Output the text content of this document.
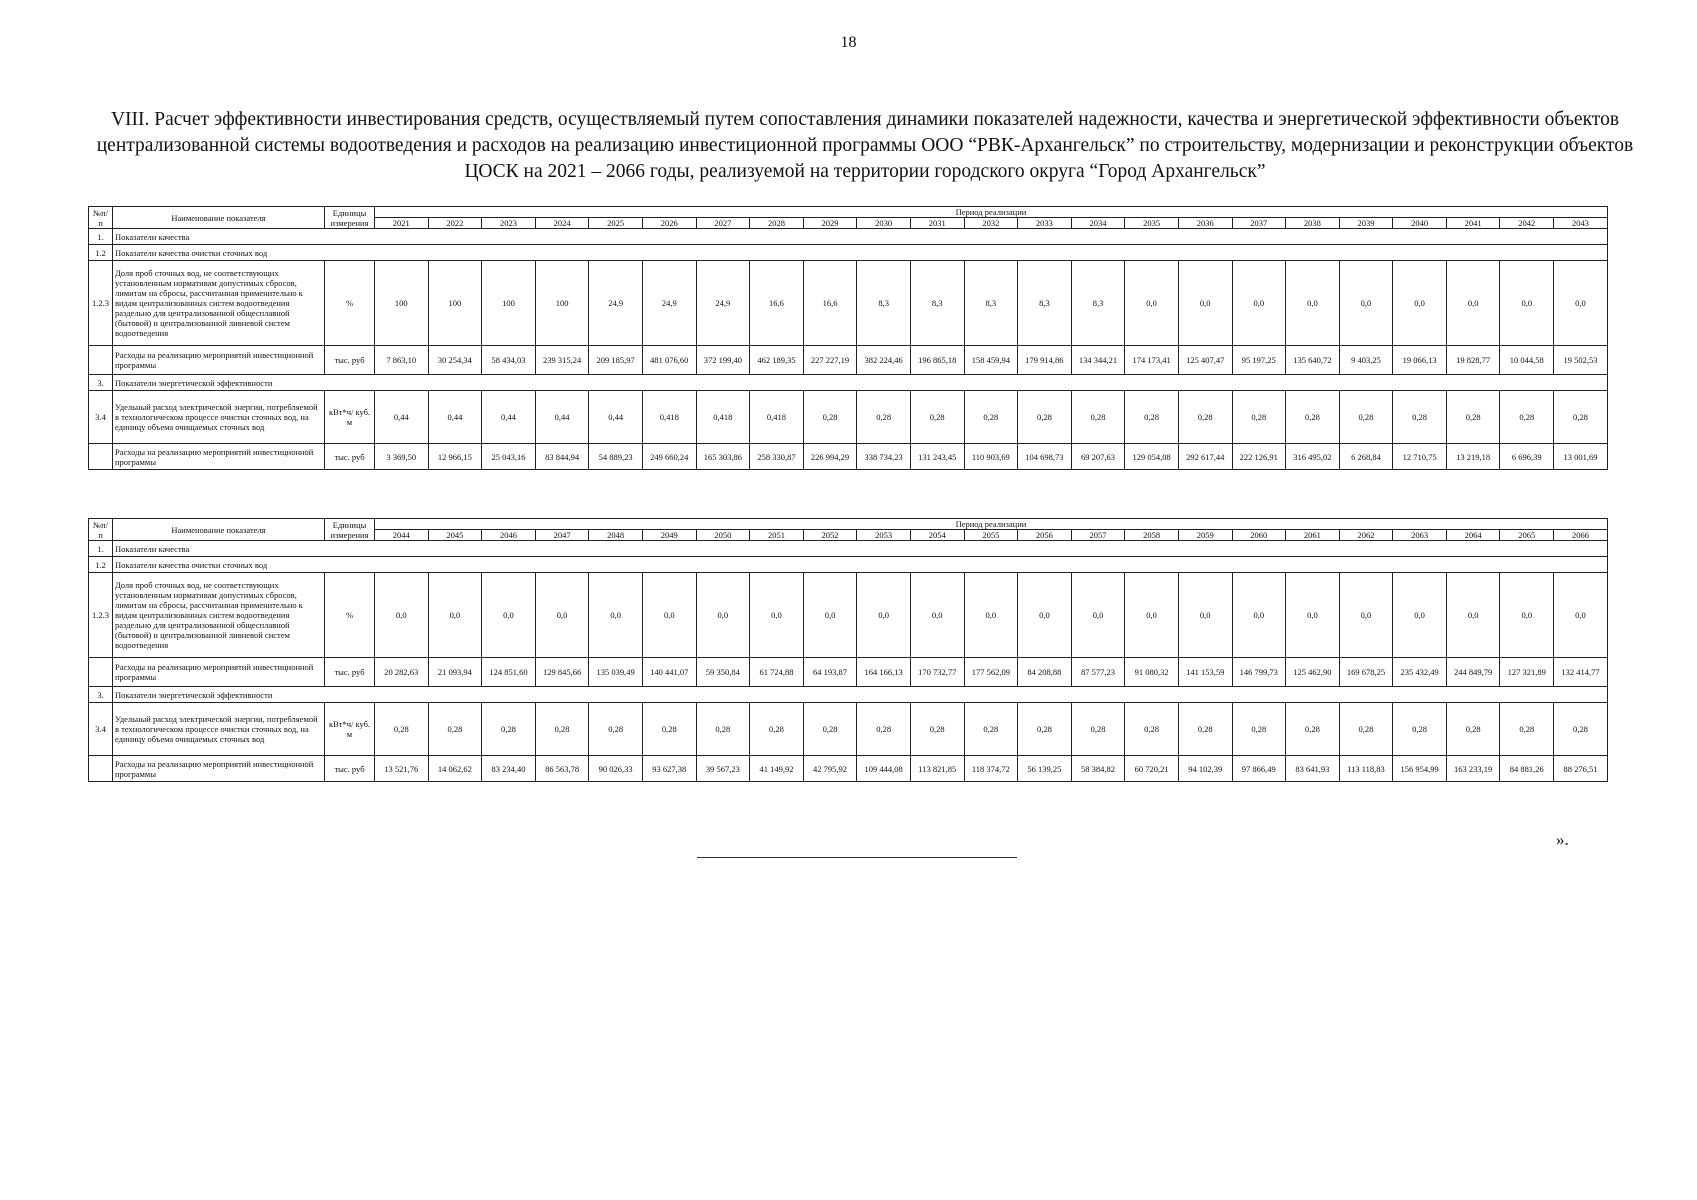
18
VIII. Расчет эффективности инвестирования средств, осуществляемый путем сопоставления динамики показателей надежности, качества и энергетической эффективности объектов централизованной системы водоотведения и расходов на реализацию инвестиционной программы ООО “РВК-Архангельск” по строительству, модернизации и реконструкции объектов ЦОСК на 2021 – 2066 годы, реализуемой на территории городского округа “Город Архангельск”
№п/п	Наименование показателя	Единицы измерения	Период реализации																						
			2021	2022	2023	2024	2025	2026	2027	2028	2029	2030	2031	2032	2033	2034	2035	2036	2037	2038	2039	2040	2041	2042	2043
1.	Показатели качества																								
1.2	Показатели качества очистки сточных вод																								
1.2.3	Доля проб сточных вод, не соответствующих установленным нормативам допустимых сбросов, лимитам на сбросы, рассчитанная применительно к видам централизованных систем водоотведения раздельно для централизованной общесплавной (бытовой) и централизованной ливневой систем водоотведения	%	100	100	100	100	24,9	24,9	24,9	16,6	16,6	8,3	8,3	8,3	8,3	8,3	0,0	0,0	0,0	0,0	0,0	0,0	0,0	0,0	0,0
	Расходы на реализацию мероприятий инвестиционной программы	тыс. руб	7 863,10	30 254,34	58 434,03	239 315,24	209 185,97	481 076,60	372 199,40	462 189,35	227 227,19	382 224,46	196 865,18	158 459,94	179 914,86	134 344,21	174 173,41	125 407,47	95 197,25	135 640,72	9 403,25	19 066,13	19 828,77	10 044,58	19 502,53
3.	Показатели энергетической эффективности																								
3.4	Удельный расход электрической энергии, потребляемой в технологическом процессе очистки сточных вод, на единицу объема очищаемых сточных вод	кВт*ч/ куб. м	0,44	0,44	0,44	0,44	0,44	0,418	0,418	0,418	0,28	0,28	0,28	0,28	0,28	0,28	0,28	0,28	0,28	0,28	0,28	0,28	0,28	0,28	0,28
	Расходы на реализацию мероприятий инвестиционной программы	тыс. руб	3 369,50	12 966,15	25 043,16	83 844,94	54 889,23	249 660,24	165 303,86	258 330,87	226 994,29	338 734,23	131 243,45	110 903,69	104 698,73	69 207,63	129 054,08	292 617,44	222 126,91	316 495,02	6 268,84	12 710,75	13 219,18	6 696,39	13 001,69
№п/п	Наименование показателя	Единицы измерения	Период реализации																						
			2044	2045	2046	2047	2048	2049	2050	2051	2052	2053	2054	2055	2056	2057	2058	2059	2060	2061	2062	2063	2064	2065	2066
1.	Показатели качества																								
1.2	Показатели качества очистки сточных вод																								
1.2.3	Доля проб сточных вод, не соответствующих установленным нормативам допустимых сбросов, лимитам на сбросы, рассчитанная применительно к видам централизованных систем водоотведения раздельно для централизованной общесплавной (бытовой) и централизованной ливневой систем водоотведения	%	0,0	0,0	0,0	0,0	0,0	0,0	0,0	0,0	0,0	0,0	0,0	0,0	0,0	0,0	0,0	0,0	0,0	0,0	0,0	0,0	0,0	0,0	0,0
	Расходы на реализацию мероприятий инвестиционной программы	тыс. руб	20 282,63	21 093,94	124 851,60	129 845,66	135 039,49	140 441,07	59 350,84	61 724,88	64 193,87	164 166,13	170 732,77	177 562,09	84 208,88	87 577,23	91 080,32	141 153,59	146 799,73	125 462,90	169 678,25	235 432,49	244 849,79	127 321,89	132 414,77
3.	Показатели энергетической эффективности																								
3.4	Удельный расход электрической энергии, потребляемой в технологическом процессе очистки сточных вод, на единицу объема очищаемых сточных вод	кВт*ч/ куб. м	0,28	0,28	0,28	0,28	0,28	0,28	0,28	0,28	0,28	0,28	0,28	0,28	0,28	0,28	0,28	0,28	0,28	0,28	0,28	0,28	0,28	0,28	0,28
	Расходы на реализацию мероприятий инвестиционной программы	тыс. руб	13 521,76	14 062,62	83 234,40	86 563,78	90 026,33	93 627,38	39 567,23	41 149,92	42 795,92	109 444,08	113 821,85	118 374,72	56 139,25	58 384,82	60 720,21	94 102,39	97 866,49	83 641,93	113 118,83	156 954,99	163 233,19	84 881,26	88 276,51
».
